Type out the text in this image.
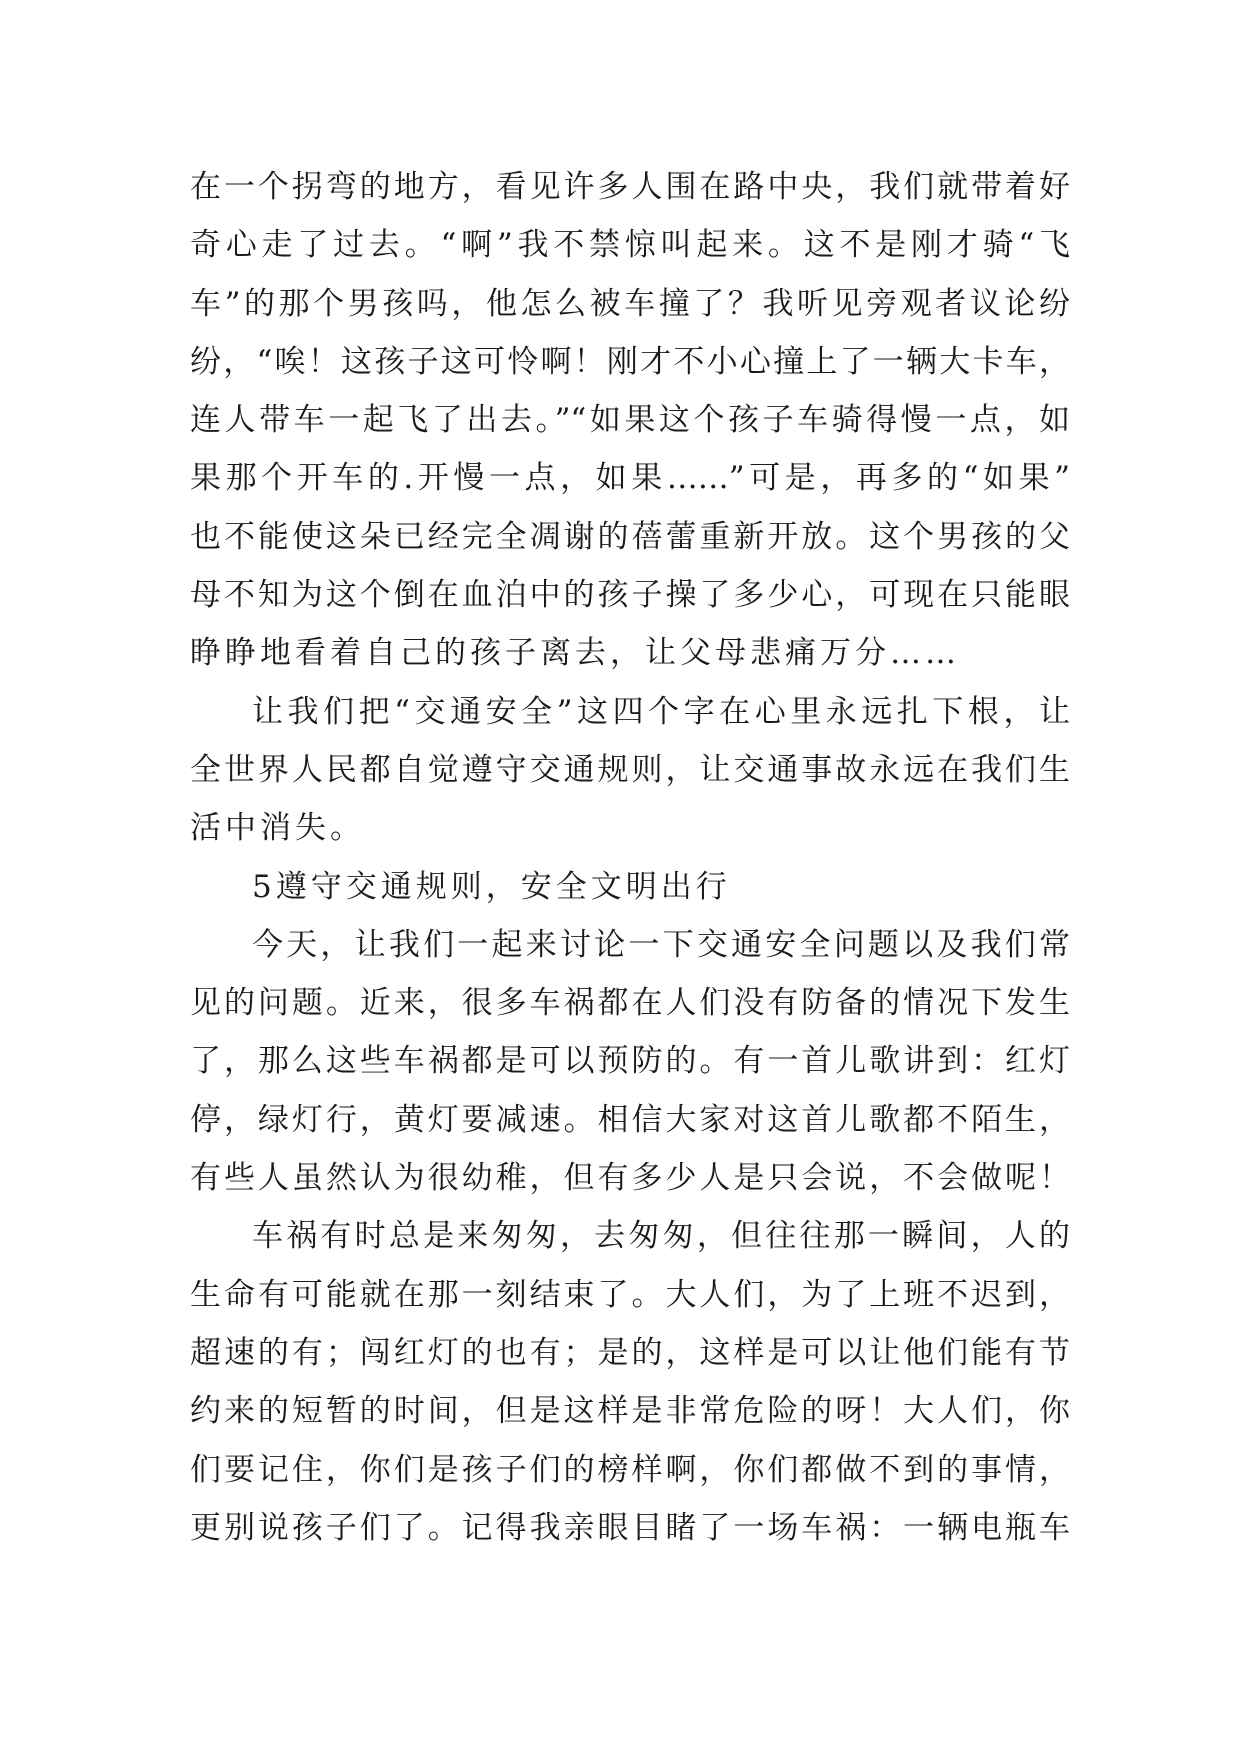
在一个拐弯的地方，看见许多人围在路中央，我们就带着好
奇心走了过去。“啊”我不禁惊叫起来。这不是刚才骑“飞
车”的那个男孩吗，他怎么被车撞了？我听见旁观者议论纷
纷，“唉！这孩子这可怜啊！刚才不小心撞上了一辆大卡车，
连人带车一起飞了出去。”“如果这个孩子车骑得慢一点，如
果那个开车的.开慢一点，如果……”可是，再多的“如果”
也不能使这朵已经完全凋谢的蓓蕾重新开放。这个男孩的父
母不知为这个倒在血泊中的孩子操了多少心，可现在只能眼
睁睁地看着自己的孩子离去，让父母悲痛万分……
让我们把“交通安全”这四个字在心里永远扎下根，让
全世界人民都自觉遵守交通规则，让交通事故永远在我们生
活中消失。
5遵守交通规则，安全文明出行
今天，让我们一起来讨论一下交通安全问题以及我们常
见的问题。近来，很多车祸都在人们没有防备的情况下发生
了，那么这些车祸都是可以预防的。有一首儿歌讲到：红灯
停，绿灯行，黄灯要减速。相信大家对这首儿歌都不陌生，
有些人虽然认为很幼稚，但有多少人是只会说，不会做呢！
车祸有时总是来匆匆，去匆匆，但往往那一瞬间，人的
生命有可能就在那一刻结束了。大人们，为了上班不迟到，
超速的有；闯红灯的也有；是的，这样是可以让他们能有节
约来的短暂的时间，但是这样是非常危险的呀！大人们，你
们要记住，你们是孩子们的榜样啊，你们都做不到的事情，
更别说孩子们了。记得我亲眼目睹了一场车祸：一辆电瓶车
